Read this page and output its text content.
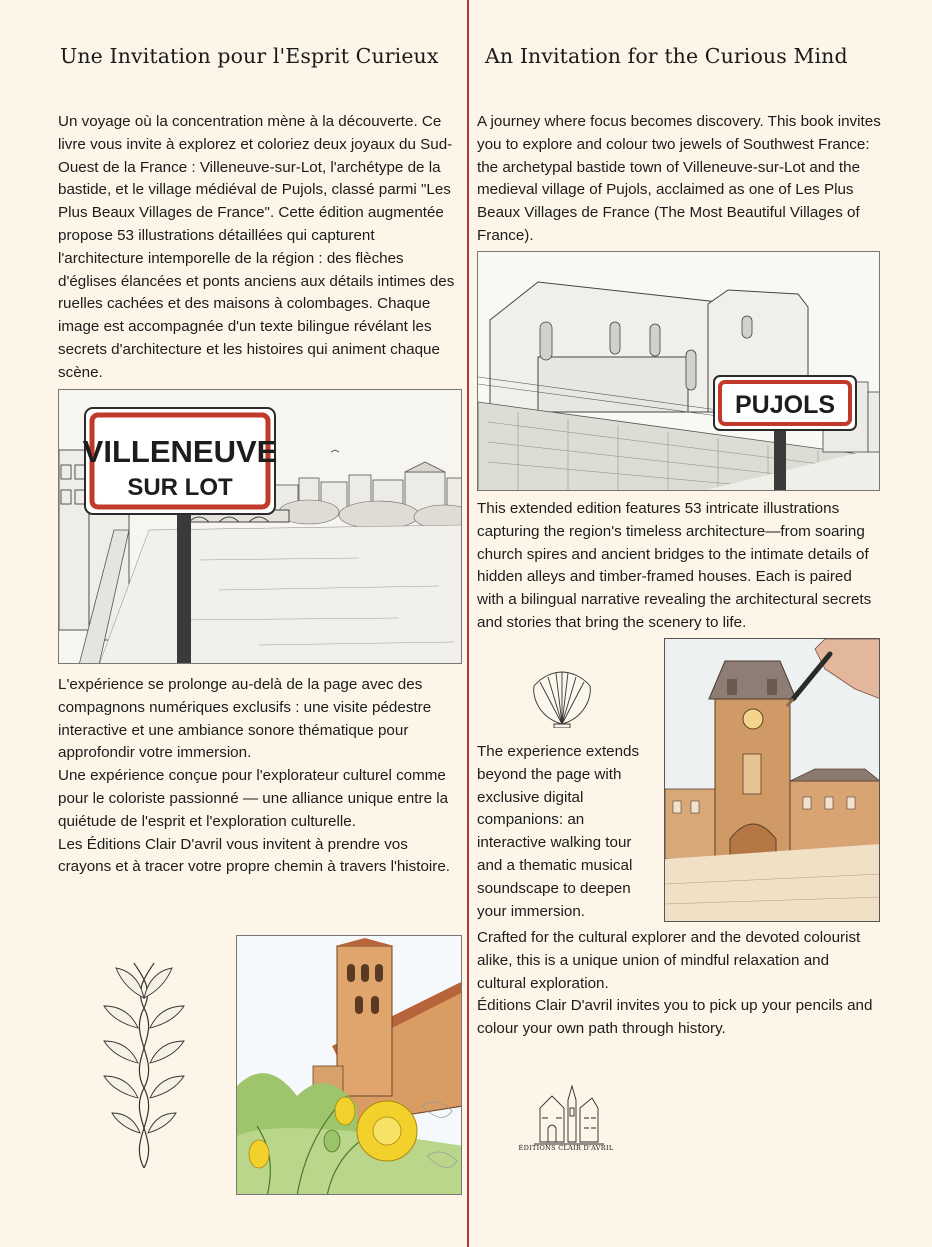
Une Invitation pour l'Esprit Curieux An Invitation for the Curious Mind
Un voyage où la concentration mène à la découverte. Ce livre vous invite à explorez et coloriez deux joyaux du Sud-Ouest de la France : Villeneuve-sur-Lot, l'archétype de la bastide, et le village médiéval de Pujols, classé parmi "Les Plus Beaux Villages de France". Cette édition augmentée propose 53 illustrations détaillées qui capturent l'architecture intemporelle de la région : des flèches d'églises élancées et ponts anciens aux détails intimes des ruelles cachées et des maisons à colombages. Chaque image est accompagnée d'un texte bilingue révélant les secrets d'architecture et les histoires qui animent chaque scène.
A journey where focus becomes discovery. This book invites you to explore and colour two jewels of Southwest France: the archetypal bastide town of Villeneuve-sur-Lot and the medieval village of Pujols, acclaimed as one of Les Plus Beaux Villages de France (The Most Beautiful Villages of France).
VILLENEUVE
SUR LOT
PUJOLS
This extended edition features 53 intricate illustrations capturing the region's timeless architecture—from soaring church spires and ancient bridges to the intimate details of hidden alleys and timber-framed houses. Each is paired with a bilingual narrative revealing the architectural secrets and stories that bring the scenery to life.

L'expérience se prolonge au-delà de la page avec des compagnons numériques exclusifs : une visite pédestre interactive et une ambiance sonore thématique pour approfondir votre immersion.

Une expérience conçue pour l'explorateur culturel comme pour le coloriste passionné — une alliance unique entre la quiétude de l'esprit et l'exploration culturelle.

Les Éditions Clair D'avril vous invitent à prendre vos crayons et à tracer votre propre chemin à travers l'histoire.

The experience extends beyond the page with exclusive digital companions: an interactive walking tour and a thematic musical soundscape to deepen your immersion.

Crafted for the cultural explorer and the devoted colourist alike, this is a unique union of mindful relaxation and cultural exploration.

Éditions Clair D'avril invites you to pick up your pencils and colour your own path through history.

ÉDITIONS CLAIR D'AVRIL
